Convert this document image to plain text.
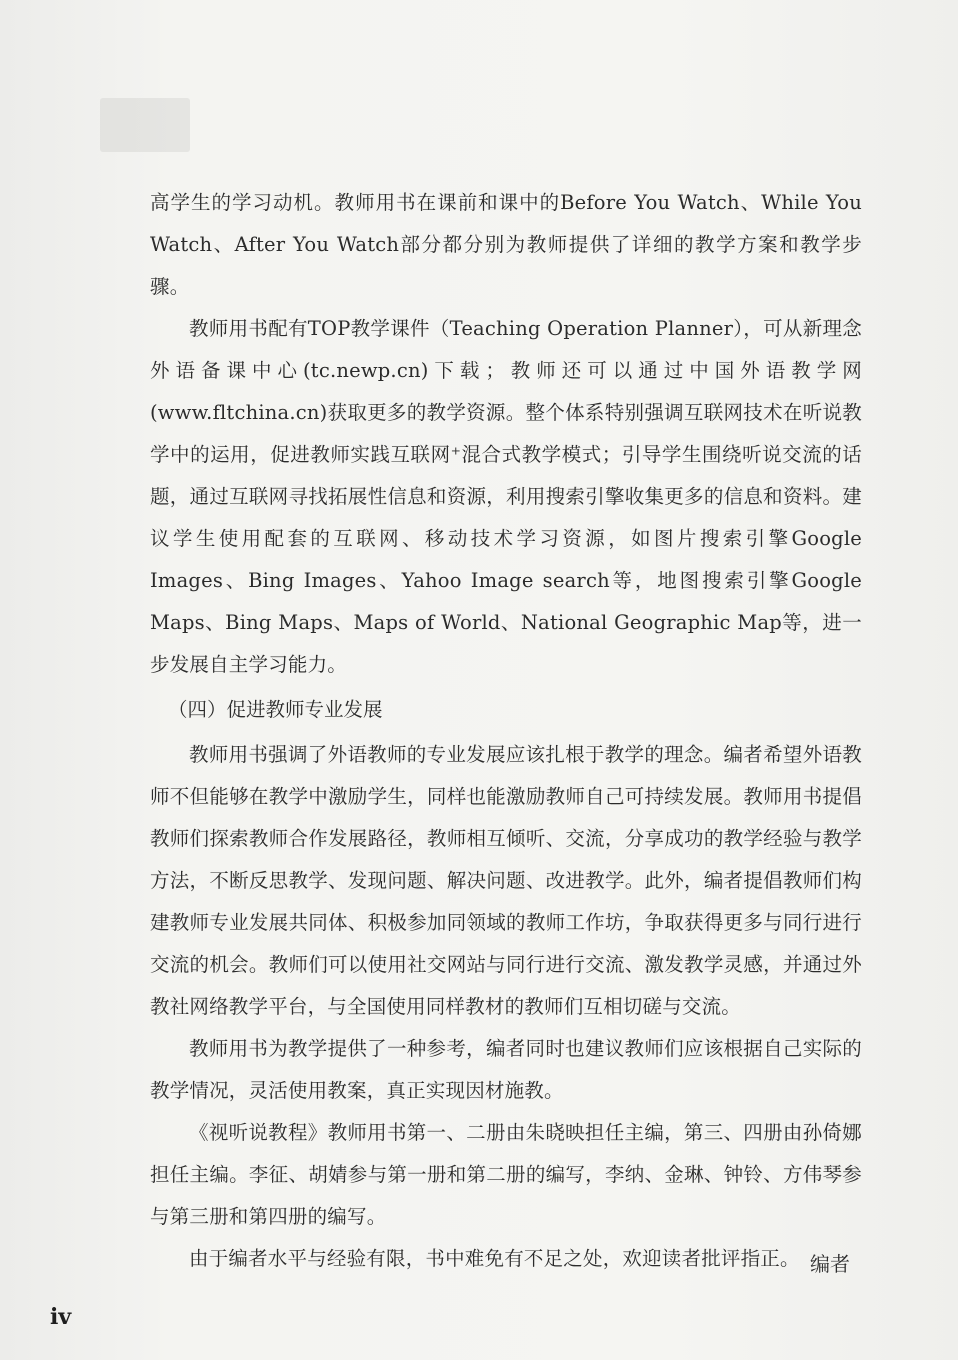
高学生的学习动机。教师用书在课前和课中的Before You Watch、While You Watch、After You Watch部分都分别为教师提供了详细的教学方案和教学步骤。

教师用书配有TOP教学课件（Teaching Operation Planner），可从新理念外语备课中心(tc.newp.cn)下载；教师还可以通过中国外语教学网(www.fltchina.cn)获取更多的教学资源。整个体系特别强调互联网技术在听说教学中的运用，促进教师实践互联网⁺混合式教学模式；引导学生围绕听说交流的话题，通过互联网寻找拓展性信息和资源，利用搜索引擎收集更多的信息和资料。建议学生使用配套的互联网、移动技术学习资源，如图片搜索引擎Google Images、Bing Images、Yahoo Image search等，地图搜索引擎Google Maps、Bing Maps、Maps of World、National Geographic Map等，进一步发展自主学习能力。

（四）促进教师专业发展

教师用书强调了外语教师的专业发展应该扎根于教学的理念。编者希望外语教师不但能够在教学中激励学生，同样也能激励教师自己可持续发展。教师用书提倡教师们探索教师合作发展路径，教师相互倾听、交流，分享成功的教学经验与教学方法，不断反思教学、发现问题、解决问题、改进教学。此外，编者提倡教师们构建教师专业发展共同体、积极参加同领域的教师工作坊，争取获得更多与同行进行交流的机会。教师们可以使用社交网站与同行进行交流、激发教学灵感，并通过外教社网络教学平台，与全国使用同样教材的教师们互相切磋与交流。

教师用书为教学提供了一种参考，编者同时也建议教师们应该根据自己实际的教学情况，灵活使用教案，真正实现因材施教。

《视听说教程》教师用书第一、二册由朱晓映担任主编，第三、四册由孙倚娜担任主编。李征、胡婧参与第一册和第二册的编写，李纳、金琳、钟铃、方伟琴参与第三册和第四册的编写。

由于编者水平与经验有限，书中难免有不足之处，欢迎读者批评指正。 编者
iv
